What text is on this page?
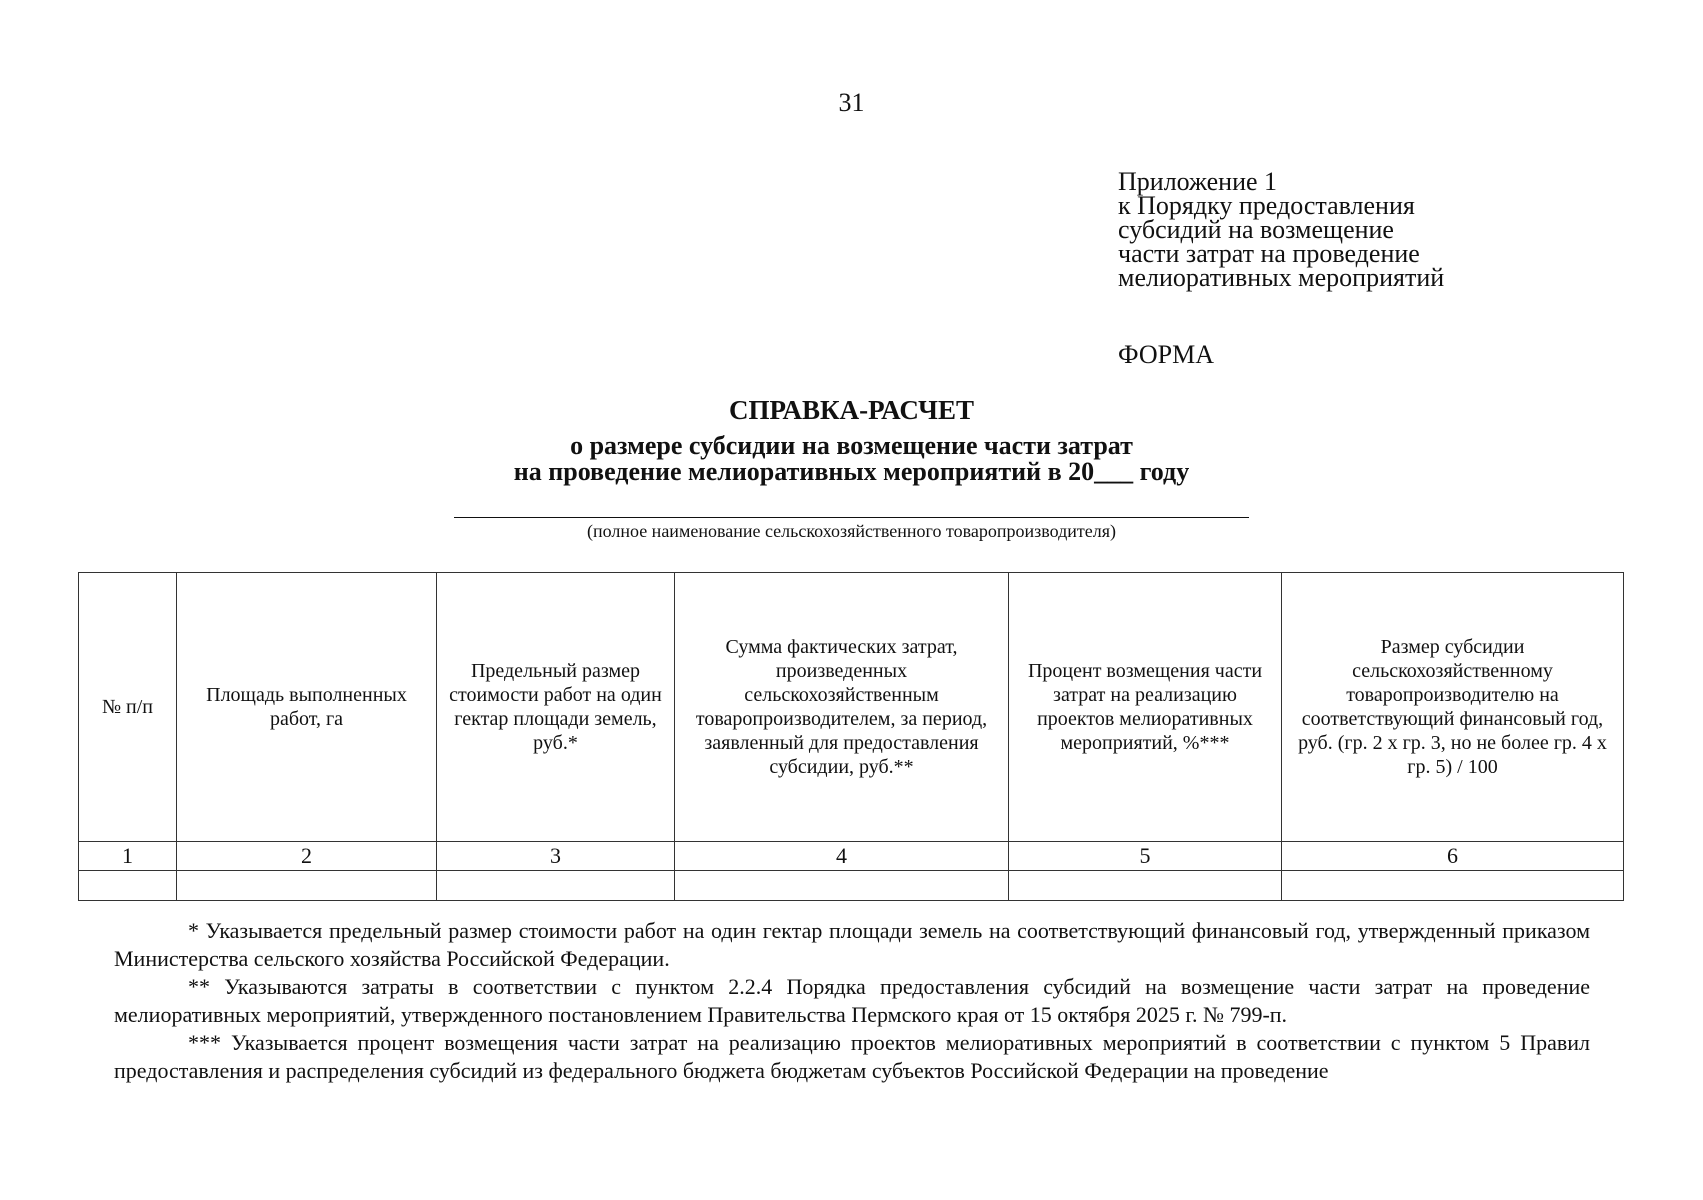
31
Приложение 1
к Порядку предоставления
субсидий на возмещение
части затрат на проведение
мелиоративных мероприятий
ФОРМА
СПРАВКА-РАСЧЕТ
о размере субсидии на возмещение части затрат
на проведение мелиоративных мероприятий в 20___ году
(полное наименование сельскохозяйственного товаропроизводителя)
№ п/п	Площадь выполненных работ, га	Предельный размер стоимости работ на один гектар площади земель, руб.*	Сумма фактических затрат, произведенных сельскохозяйственным товаропроизводителем, за период, заявленный для предоставления субсидии, руб.**	Процент возмещения части затрат на реализацию проектов мелиоративных мероприятий, %***	Размер субсидии сельскохозяйственному товаропроизводителю на соответствующий финансовый год, руб. (гр. 2 x гр. 3, но не более гр. 4 x гр. 5) / 100
1	2	3	4	5	6

* Указывается предельный размер стоимости работ на один гектар площади земель на соответствующий финансовый год, утвержденный приказом Министерства сельского хозяйства Российской Федерации.

** Указываются затраты в соответствии с пунктом 2.2.4 Порядка предоставления субсидий на возмещение части затрат на проведение мелиоративных мероприятий, утвержденного постановлением Правительства Пермского края от 15 октября 2025 г. № 799-п.

*** Указывается процент возмещения части затрат на реализацию проектов мелиоративных мероприятий в соответствии с пунктом 5 Правил предоставления и распределения субсидий из федерального бюджета бюджетам субъектов Российской Федерации на проведение
